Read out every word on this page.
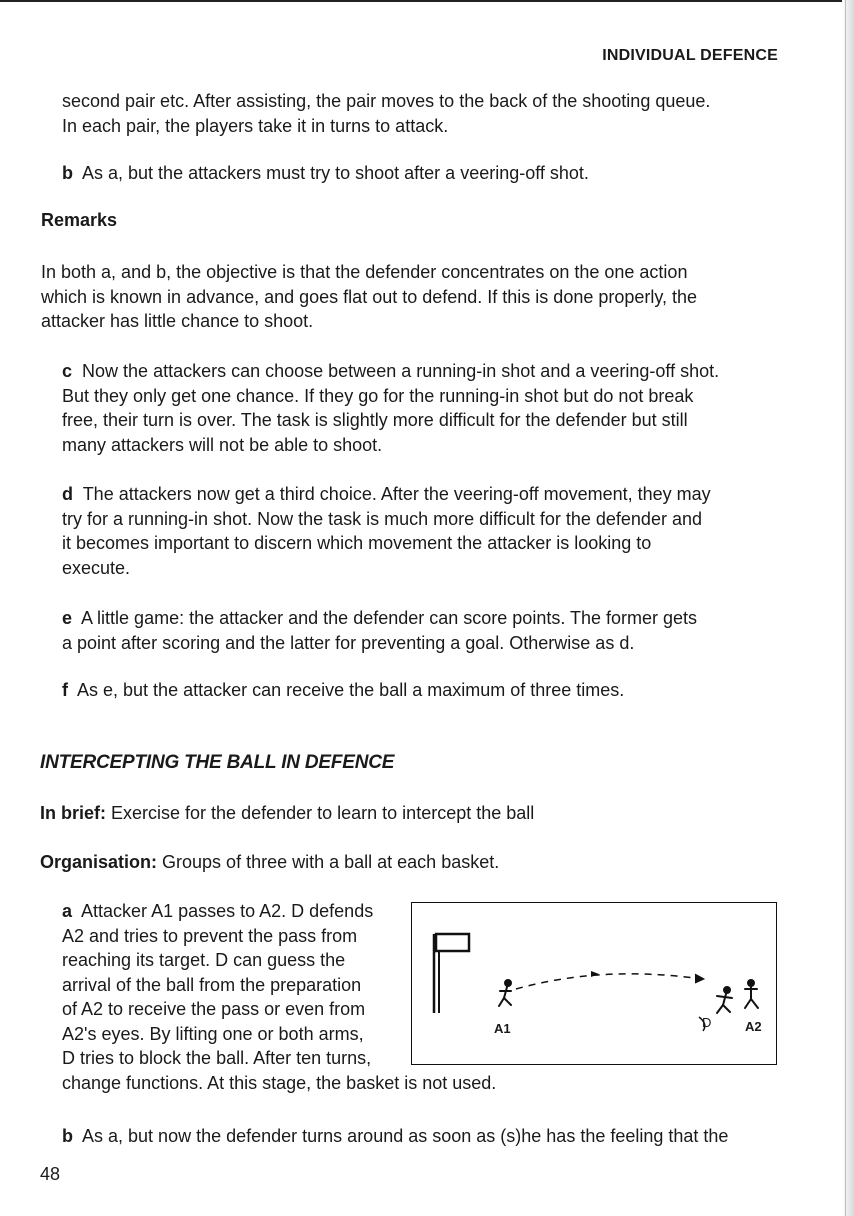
INDIVIDUAL DEFENCE
second pair etc. After assisting, the pair moves to the back of the shooting queue.
In each pair, the players take it in turns to attack.
b As a, but the attackers must try to shoot after a veering-off shot.
Remarks
In both a, and b, the objective is that the defender concentrates on the one action
which is known in advance, and goes flat out to defend. If this is done properly, the
attacker has little chance to shoot.
c Now the attackers can choose between a running-in shot and a veering-off shot.
But they only get one chance. If they go for the running-in shot but do not break
free, their turn is over. The task is slightly more difficult for the defender but still
many attackers will not be able to shoot.
d The attackers now get a third choice. After the veering-off movement, they may
try for a running-in shot. Now the task is much more difficult for the defender and
it becomes important to discern which movement the attacker is looking to
execute.
e A little game: the attacker and the defender can score points. The former gets
a point after scoring and the latter for preventing a goal. Otherwise as d.
f As e, but the attacker can receive the ball a maximum of three times.
INTERCEPTING THE BALL IN DEFENCE
In brief: Exercise for the defender to learn to intercept the ball
Organisation: Groups of three with a ball at each basket.
a Attacker A1 passes to A2. D defends
A2 and tries to prevent the pass from
reaching its target. D can guess the
arrival of the ball from the preparation
of A2 to receive the pass or even from
A2's eyes. By lifting one or both arms,
D tries to block the ball. After ten turns,
change functions. At this stage, the basket is not used.
A1	D	A2
b As a, but now the defender turns around as soon as (s)he has the feeling that the
48
